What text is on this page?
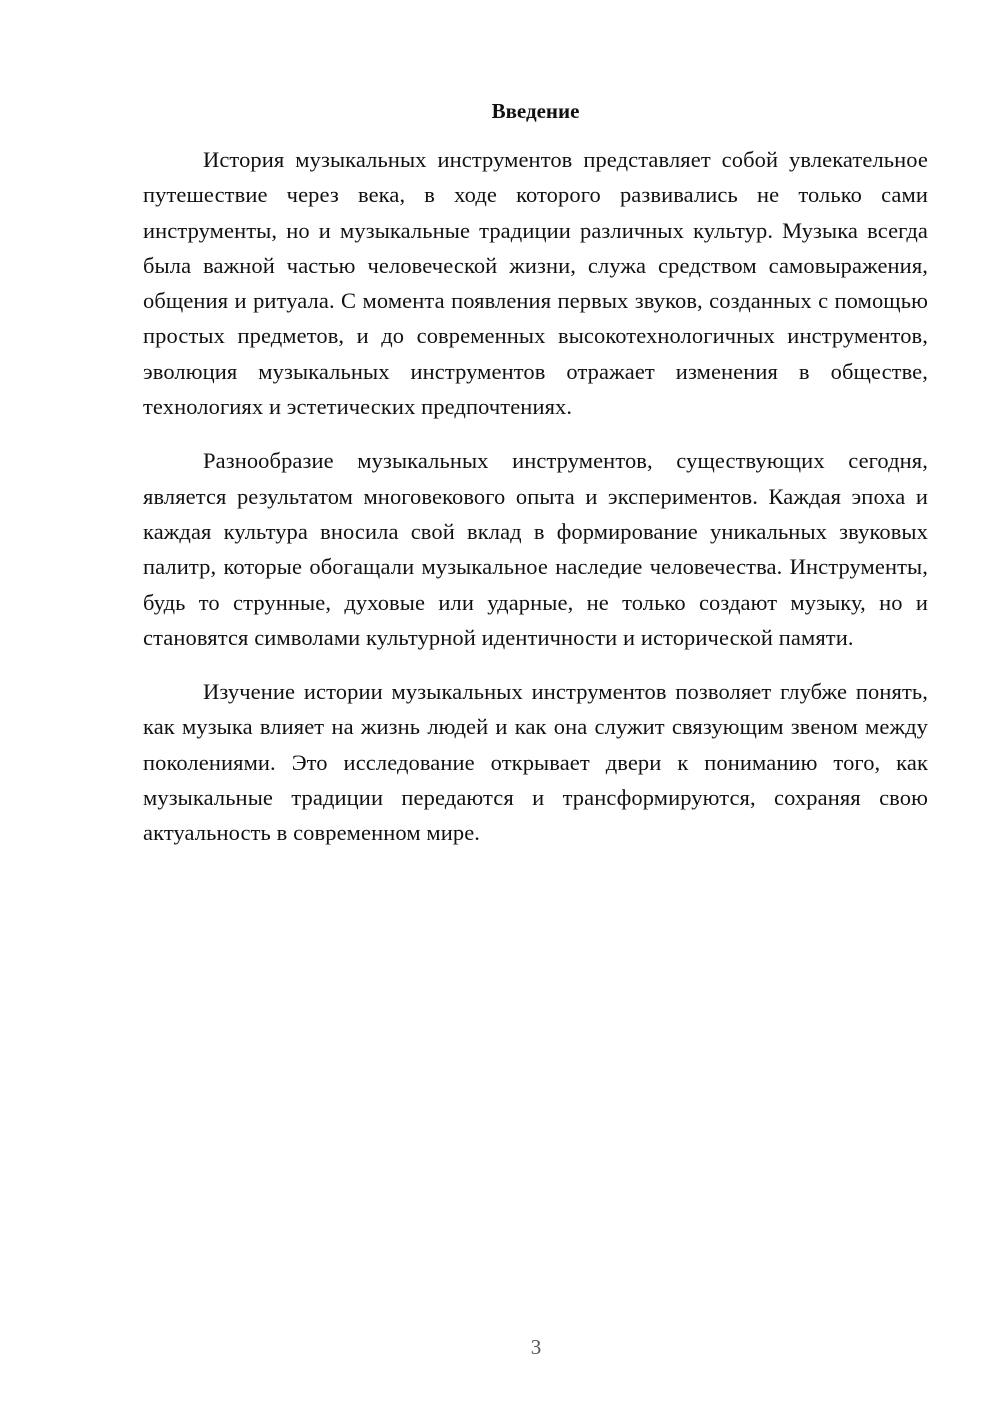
Введение

История музыкальных инструментов представляет собой увлекательное путешествие через века, в ходе которого развивались не только сами инструменты, но и музыкальные традиции различных культур. Музыка всегда была важной частью человеческой жизни, служа средством самовыражения, общения и ритуала. С момента появления первых звуков, созданных с помощью простых предметов, и до современных высокотехнологичных инструментов, эволюция музыкальных инструментов отражает изменения в обществе, технологиях и эстетических предпочтениях.

Разнообразие музыкальных инструментов, существующих сегодня, является результатом многовекового опыта и экспериментов. Каждая эпоха и каждая культура вносила свой вклад в формирование уникальных звуковых палитр, которые обогащали музыкальное наследие человечества. Инструменты, будь то струнные, духовые или ударные, не только создают музыку, но и становятся символами культурной идентичности и исторической памяти.

Изучение истории музыкальных инструментов позволяет глубже понять, как музыка влияет на жизнь людей и как она служит связующим звеном между поколениями. Это исследование открывает двери к пониманию того, как музыкальные традиции передаются и трансформируются, сохраняя свою актуальность в современном мире.

3
